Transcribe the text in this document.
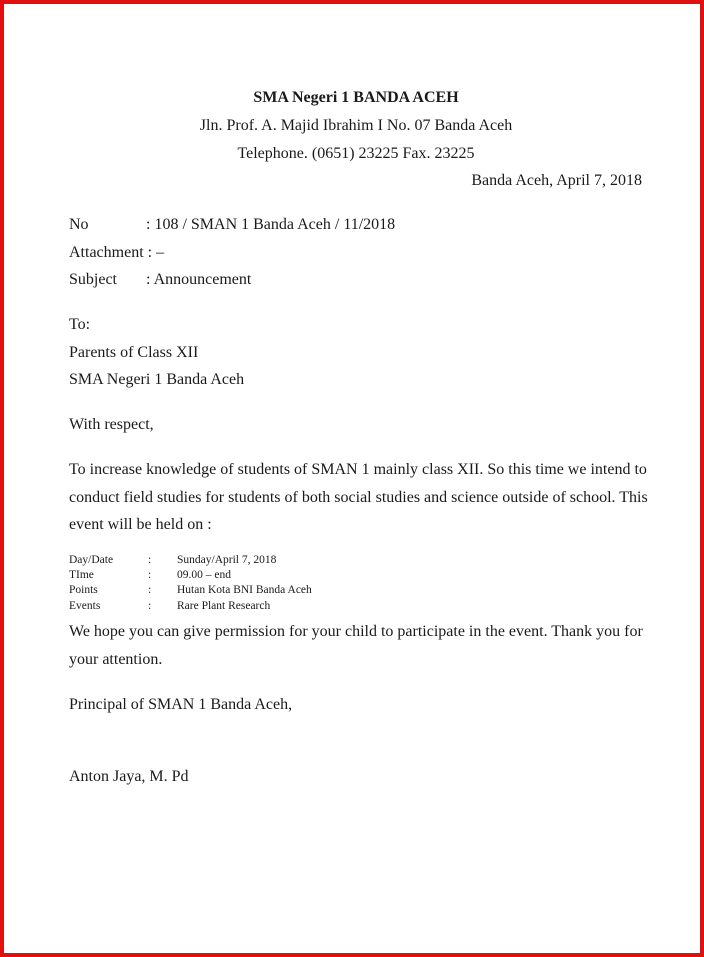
SMA Negeri 1 BANDA ACEH
Jln. Prof. A. Majid Ibrahim I No. 07 Banda Aceh
Telephone. (0651) 23225 Fax. 23225
Banda Aceh, April 7, 2018
No	: 108 / SMAN 1 Banda Aceh / 11/2018
Attachment : –
Subject : Announcement
To:
Parents of Class XII
SMA Negeri 1 Banda Aceh
With respect,
To increase knowledge of students of SMAN 1 mainly class XII. So this time we intend to conduct field studies for students of both social studies and science outside of school. This event will be held on :
Day/Date	: Sunday/April 7, 2018
TIme	: 09.00 – end
Points	: Hutan Kota BNI Banda Aceh
Events	: Rare Plant Research
We hope you can give permission for your child to participate in the event. Thank you for your attention.
Principal of SMAN 1 Banda Aceh,
Anton Jaya, M. Pd
